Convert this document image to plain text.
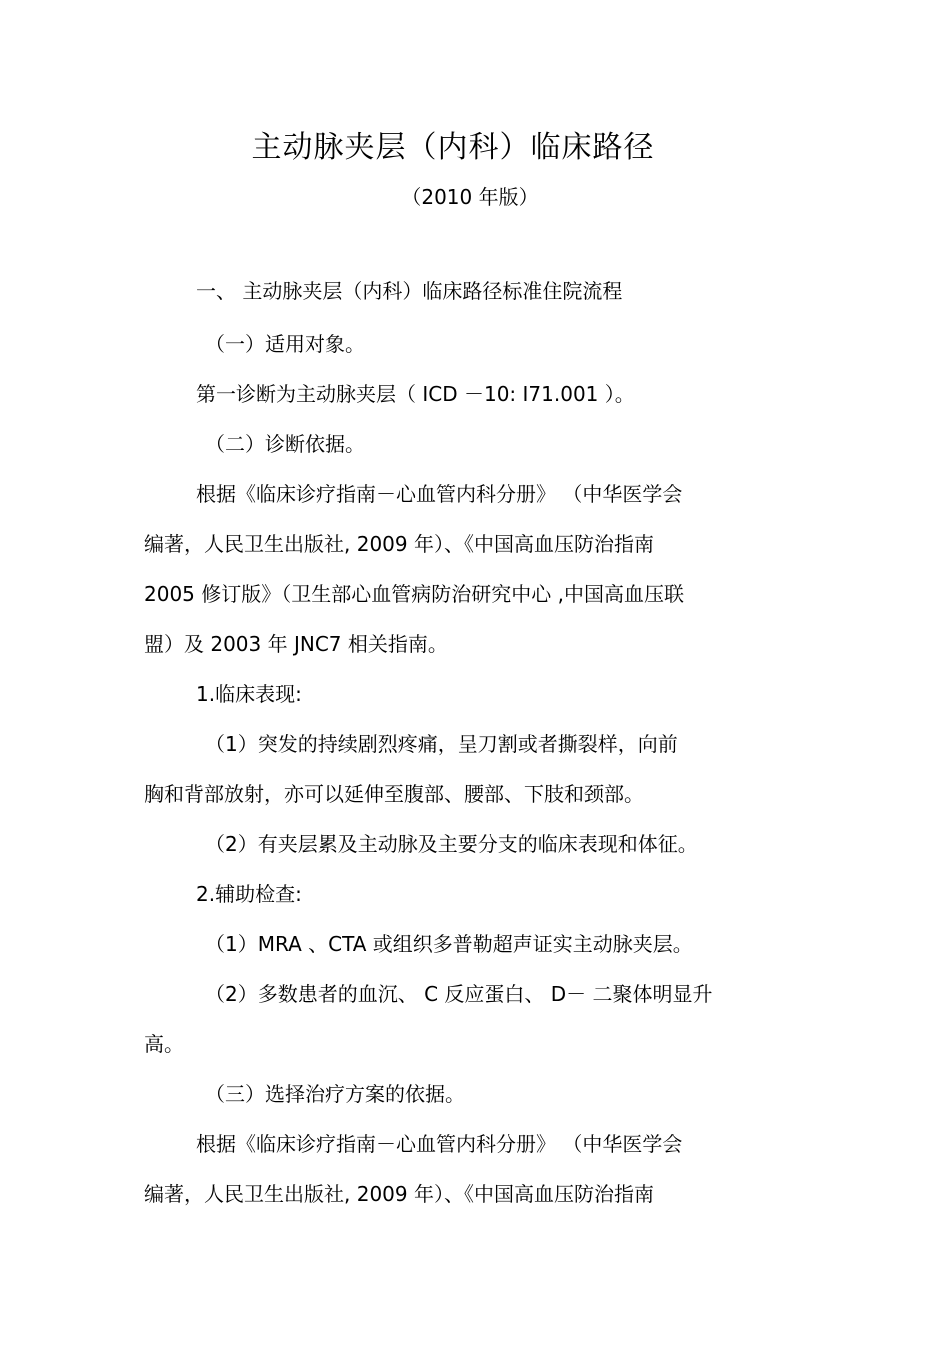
主动脉夹层（内科）临床路径
（2010 年版）
一、 主动脉夹层（内科）临床路径标准住院流程
（一）适用对象。
第一诊断为主动脉夹层（ ICD －10: I71.001 ）。
（二）诊断依据。
根据《临床诊疗指南－心血管内科分册》 （中华医学会
编著，人民卫生出版社, 2009 年）、《中国高血压防治指南
2005 修订版》（卫生部心血管病防治研究中心 ,中国高血压联
盟）及 2003 年 JNC7 相关指南。
1.临床表现:
（1）突发的持续剧烈疼痛，呈刀割或者撕裂样，向前
胸和背部放射，亦可以延伸至腹部、腰部、下肢和颈部。
（2）有夹层累及主动脉及主要分支的临床表现和体征。
2.辅助检查:
（1）MRA 、CTA 或组织多普勒超声证实主动脉夹层。
（2）多数患者的血沉、 C 反应蛋白、 D－ 二聚体明显升
高。
（三）选择治疗方案的依据。
根据《临床诊疗指南－心血管内科分册》 （中华医学会
编著，人民卫生出版社, 2009 年）、《中国高血压防治指南
